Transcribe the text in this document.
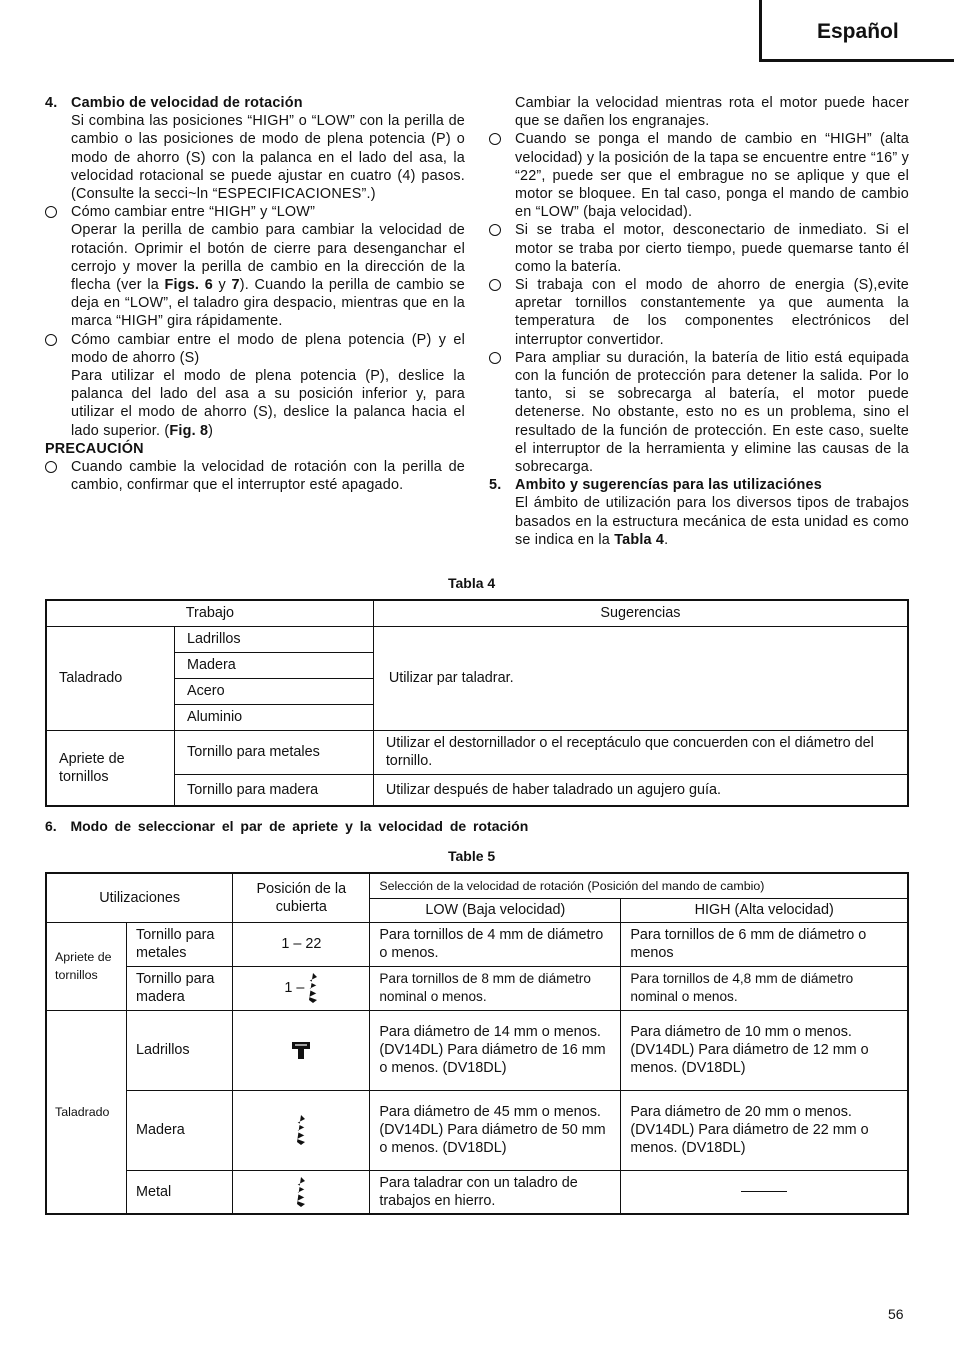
Español
4. Cambio de velocidad de rotación

Si combina las posiciones “HIGH” o “LOW” con la perilla de cambio o las posiciones de modo de plena potencia (P) o modo de ahorro (S) con la palanca en el lado del asa, la velocidad rotacional se puede ajustar en cuatro (4) pasos. (Consulte la secci~ln “ESPECIFICACIONES”.)

Cómo cambiar entre “HIGH” y “LOW”

Operar la perilla de cambio para cambiar la velocidad de rotación. Oprimir el botón de cierre para desenganchar el cerrojo y mover la perilla de cambio en la dirección de la flecha (ver la Figs. 6 y 7). Cuando la perilla de cambio se deja en “LOW”, el taladro gira despacio, mientras que en la marca “HIGH” gira rápidamente.

Cómo cambiar entre el modo de plena potencia (P) y el modo de ahorro (S)

Para utilizar el modo de plena potencia (P), deslice la palanca del lado del asa a su posición inferior y, para utilizar el modo de ahorro (S), deslice la palanca hacia el lado superior. (Fig. 8)

PRECAUCIÓN

Cuando cambie la velocidad de rotación con la perilla de cambio, confirmar que el interruptor esté apagado.

Cambiar la velocidad mientras rota el motor puede hacer que se dañen los engranajes.

Cuando se ponga el mando de cambio en “HIGH” (alta velocidad) y la posición de la tapa se encuentre entre “16” y “22”, puede ser que el embrague no se aplique y que el motor se bloquee. En tal caso, ponga el mando de cambio en “LOW” (baja velocidad).

Si se traba el motor, desconectario de inmediato. Si el motor se traba por cierto tiempo, puede quemarse tanto él como la batería.

Si trabaja con el modo de ahorro de energia (S),evite apretar tornillos constantemente ya que aumenta la temperatura de los componentes electrónicos del interruptor convertidor.

Para ampliar su duración, la batería de litio está equipada con la función de protección para detener la salida. Por lo tanto, si se sobrecarga al batería, el motor puede detenerse. No obstante, esto no es un problema, sino el resultado de la función de protección. En este caso, suelte el interruptor de la herramienta y elimine las causas de la sobrecarga.

5. Ambito y sugerencías para las utilizaciónes

El ámbito de utilización para los diversos tipos de trabajos basados en la estructura mecánica de esta unidad es como se indica en la Tabla 4.

Tabla 4
Trabajo		Sugerencias
Taladrado	Ladrillos	Utilizar par taladrar.
	Madera	
	Acero	
	Aluminio	
Apriete de tornillos	Tornillo para metales	Utilizar el destornillador o el receptáculo que concuerden con el diámetro del tornillo.
	Tornillo para madera	Utilizar después de haber taladrado un agujero guía.
6. Modo de seleccionar el par de apriete y la velocidad de rotación
Table 5
Utilizaciones		Posición de la cubierta	Selección de la velocidad de rotación (Posición del mando de cambio)	
			LOW (Baja velocidad)	HIGH (Alta velocidad)
Apriete de tornillos	Tornillo para metales	1 – 22	Para tornillos de 4 mm de diámetro o menos.	Para tornillos de 6 mm de diámetro o menos
	Tornillo para madera	1 –	Para tornillos de 8 mm de diámetro nominal o menos.	Para tornillos de 4,8 mm de diámetro nominal o menos.
Taladrado	Ladrillos		Para diámetro de 14 mm o menos. (DV14DL) Para diámetro de 16 mm o menos. (DV18DL)	Para diámetro de 10 mm o menos. (DV14DL) Para diámetro de 12 mm o menos. (DV18DL)
	Madera		Para diámetro de 45 mm o menos. (DV14DL) Para diámetro de 50 mm o menos. (DV18DL)	Para diámetro de 20 mm o menos. (DV14DL) Para diámetro de 22 mm o menos. (DV18DL)
	Metal		Para taladrar con un taladro de trabajos en hierro.	
56
